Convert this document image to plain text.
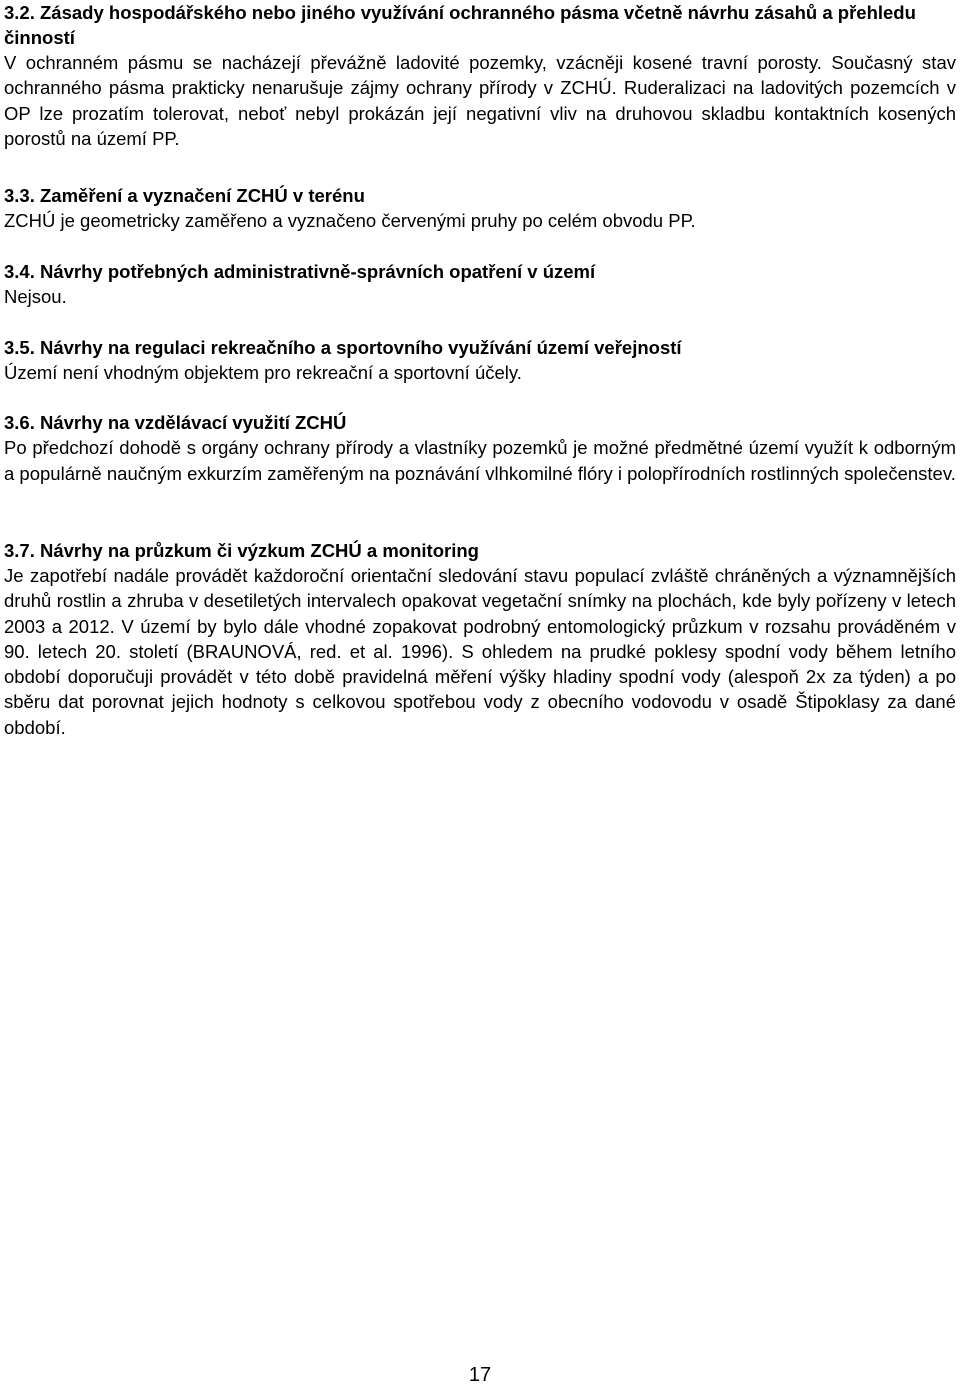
3.2. Zásady hospodářského nebo jiného využívání ochranného pásma včetně návrhu zásahů a přehledu činností

V ochranném pásmu se nacházejí převážně ladovité pozemky, vzácněji kosené travní porosty. Současný stav ochranného pásma prakticky nenarušuje zájmy ochrany přírody v ZCHÚ. Ruderalizaci na ladovitých pozemcích v OP lze prozatím tolerovat, neboť nebyl prokázán její negativní vliv na druhovou skladbu kontaktních kosených porostů na území PP.

3.3. Zaměření a vyznačení ZCHÚ v terénu

ZCHÚ je geometricky zaměřeno a vyznačeno červenými pruhy po celém obvodu PP.

3.4. Návrhy potřebných administrativně-správních opatření v území

Nejsou.

3.5. Návrhy na regulaci rekreačního a sportovního využívání území veřejností

Území není vhodným objektem pro rekreační a sportovní účely.

3.6. Návrhy na vzdělávací využití ZCHÚ

Po předchozí dohodě s orgány ochrany přírody a vlastníky pozemků je možné předmětné území využít k odborným a populárně naučným exkurzím zaměřeným na poznávání vlhkomilné flóry i polopřírodních rostlinných společenstev.

3.7. Návrhy na průzkum či výzkum ZCHÚ a monitoring

Je zapotřebí nadále provádět každoroční orientační sledování stavu populací zvláště chráněných a významnějších druhů rostlin a zhruba v desetiletých intervalech opakovat vegetační snímky na plochách, kde byly pořízeny v letech 2003 a 2012. V území by bylo dále vhodné zopakovat podrobný entomologický průzkum v rozsahu prováděném v 90. letech 20. století (BRAUNOVÁ, red. et al. 1996). S ohledem na prudké poklesy spodní vody během letního období doporučuji provádět v této době pravidelná měření výšky hladiny spodní vody (alespoň 2x za týden) a po sběru dat porovnat jejich hodnoty s celkovou spotřebou vody z obecního vodovodu v osadě Štipoklasy za dané období.

17
